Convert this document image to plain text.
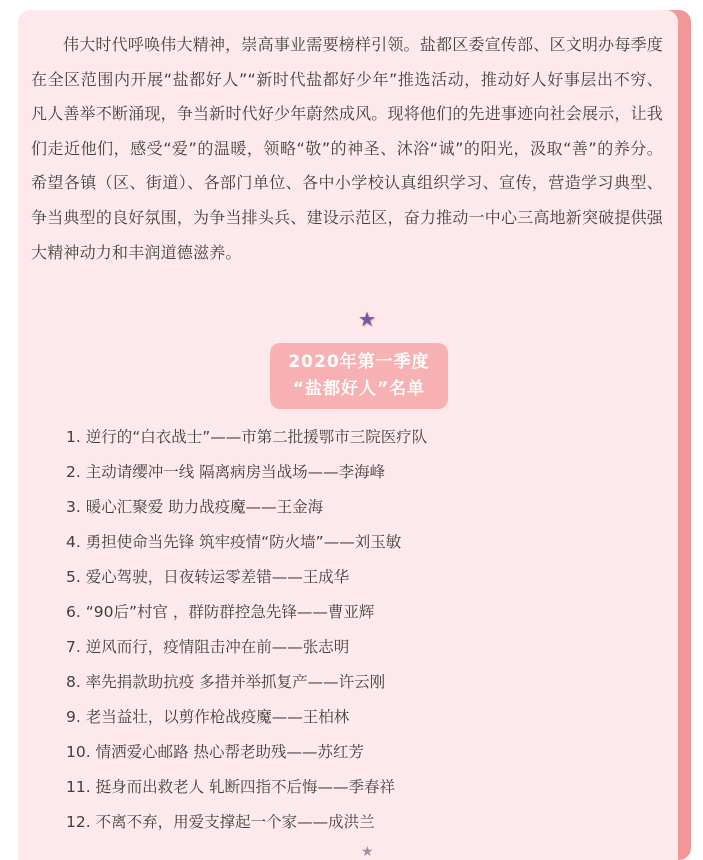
伟大时代呼唤伟大精神，崇高事业需要榜样引领。盐都区委宣传部、区文明办每季度在全区范围内开展“盐都好人”“新时代盐都好少年”推选活动，推动好人好事层出不穷、凡人善举不断涌现，争当新时代好少年蔚然成风。现将他们的先进事迹向社会展示，让我们走近他们，感受“爱”的温暖，领略“敬”的神圣、沐浴“诚”的阳光，汲取“善”的养分。希望各镇（区、街道）、各部门单位、各中小学校认真组织学习、宣传，营造学习典型、争当典型的良好氛围，为争当排头兵、建设示范区，奋力推动一中心三高地新突破提供强大精神动力和丰润道德滋养。

★
2020年第一季度
“盐都好人”名单
1. 逆行的“白衣战士”——市第二批援鄂市三院医疗队
2. 主动请缨冲一线 隔离病房当战场——李海峰
3. 暖心汇聚爱 助力战疫魔——王金海
4. 勇担使命当先锋 筑牢疫情“防火墙”——刘玉敏
5. 爱心驾驶，日夜转运零差错——王成华
6. “90后”村官 ，群防群控急先锋——曹亚辉
7. 逆风而行，疫情阻击冲在前——张志明
8. 率先捐款助抗疫 多措并举抓复产——许云刚
9. 老当益壮，以剪作枪战疫魔——王柏林
10. 情洒爱心邮路 热心帮老助残——苏红芳
11. 挺身而出救老人 轧断四指不后悔——季春祥
12. 不离不弃，用爱支撑起一个家——成洪兰
★
